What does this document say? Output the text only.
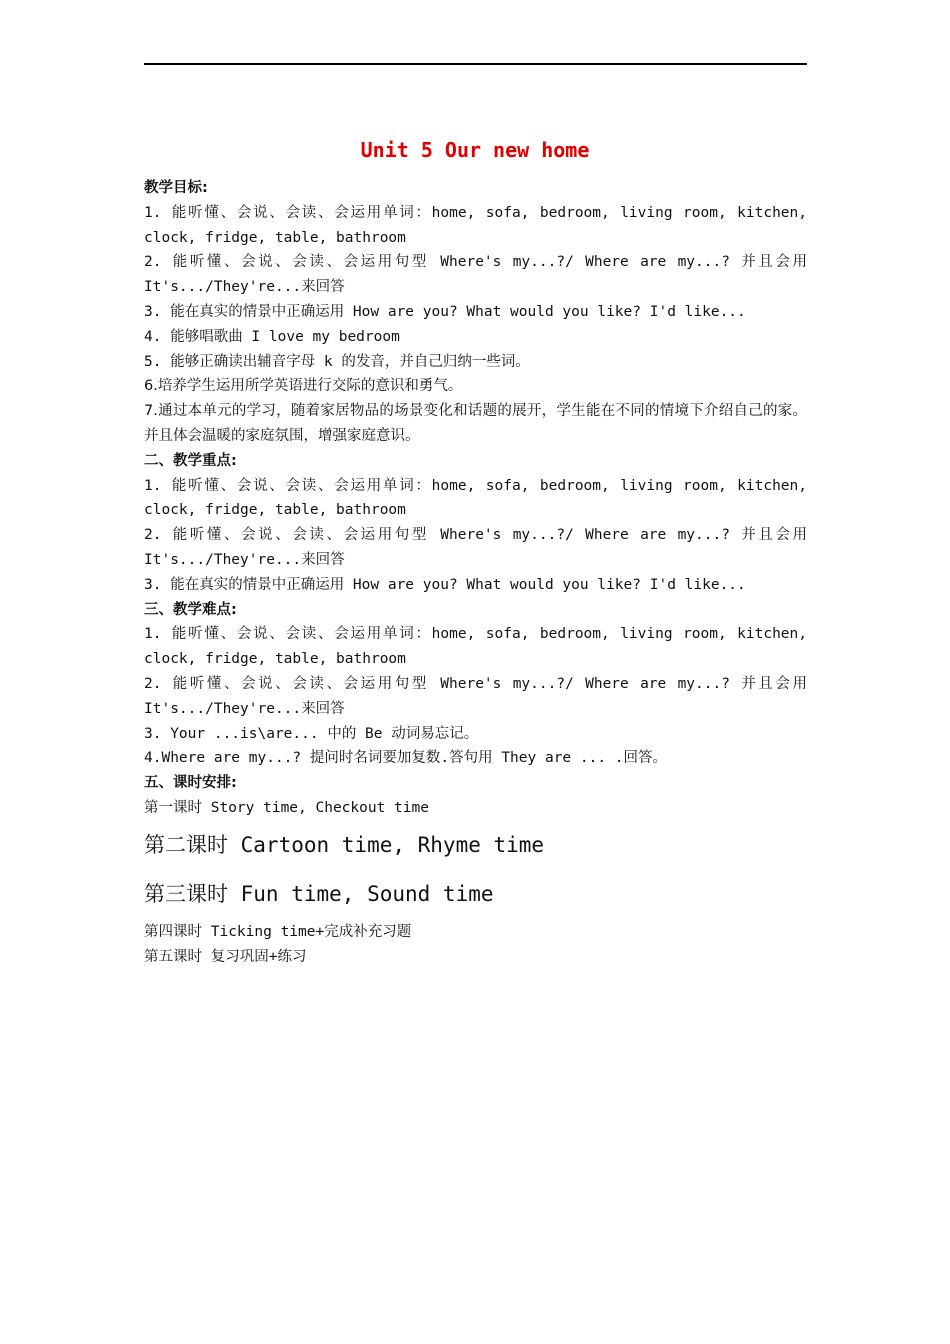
Unit 5 Our new home
教学目标:
1. 能听懂、会说、会读、会运用单词：home, sofa, bedroom, living room, kitchen, clock, fridge, table, bathroom
2. 能听懂、会说、会读、会运用句型 Where's my...?/ Where are my...? 并且会用 It's.../They're...来回答
3. 能在真实的情景中正确运用 How are you? What would you like? I'd like...
4. 能够唱歌曲 I love my bedroom
5. 能够正确读出辅音字母 k 的发音，并自己归纳一些词。
6.培养学生运用所学英语进行交际的意识和勇气。
7.通过本单元的学习，随着家居物品的场景变化和话题的展开，学生能在不同的情境下介绍自己的家。并且体会温暖的家庭氛围，增强家庭意识。
二、教学重点:
1. 能听懂、会说、会读、会运用单词：home, sofa, bedroom, living room, kitchen, clock, fridge, table, bathroom
2. 能听懂、会说、会读、会运用句型 Where's my...?/ Where are my...? 并且会用 It's.../They're...来回答
3. 能在真实的情景中正确运用 How are you? What would you like? I'd like...
三、教学难点:
1. 能听懂、会说、会读、会运用单词：home, sofa, bedroom, living room, kitchen, clock, fridge, table, bathroom
2. 能听懂、会说、会读、会运用句型 Where's my...?/ Where are my...? 并且会用 It's.../They're...来回答
3. Your ...is\are... 中的 Be 动词易忘记。
4.Where are my...? 提问时名词要加复数.答句用 They are ... .回答。
五、课时安排:
第一课时 Story time, Checkout time
第二课时 Cartoon time, Rhyme time
第三课时 Fun time, Sound time
第四课时 Ticking time+完成补充习题
第五课时 复习巩固+练习
